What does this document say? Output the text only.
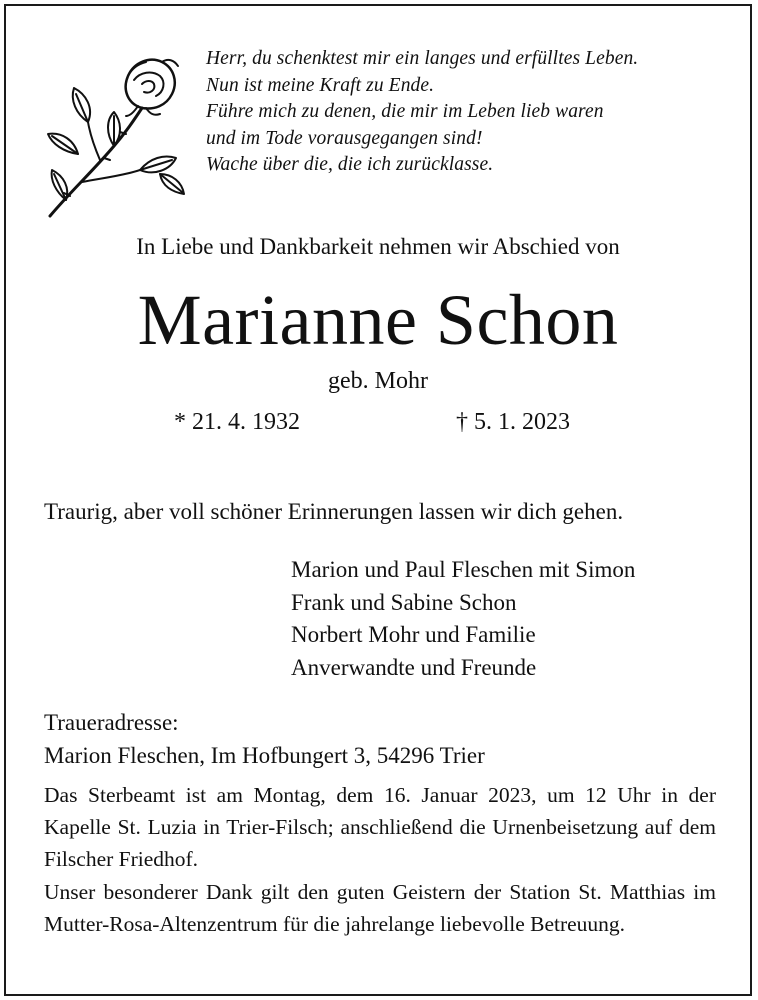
Herr, du schenktest mir ein langes und erfülltes Leben.
Nun ist meine Kraft zu Ende.
Führe mich zu denen, die mir im Leben lieb waren
und im Tode vorausgegangen sind!
Wache über die, die ich zurücklasse.
In Liebe und Dankbarkeit nehmen wir Abschied von
Marianne Schon
geb. Mohr
* 21. 4. 1932	† 5. 1. 2023
Traurig, aber voll schöner Erinnerungen lassen wir dich gehen.
Marion und Paul Fleschen mit Simon
Frank und Sabine Schon
Norbert Mohr und Familie
Anverwandte und Freunde
Traueradresse:
Marion Fleschen, Im Hofbungert 3, 54296 Trier
Das Sterbeamt ist am Montag, dem 16. Januar 2023, um 12 Uhr in der Kapelle St. Luzia in Trier-Filsch; anschließend die Urnenbeisetzung auf dem Filscher Friedhof.
Unser besonderer Dank gilt den guten Geistern der Station St. Matthias im Mutter-Rosa-Altenzentrum für die jahrelange liebevolle Betreuung.
